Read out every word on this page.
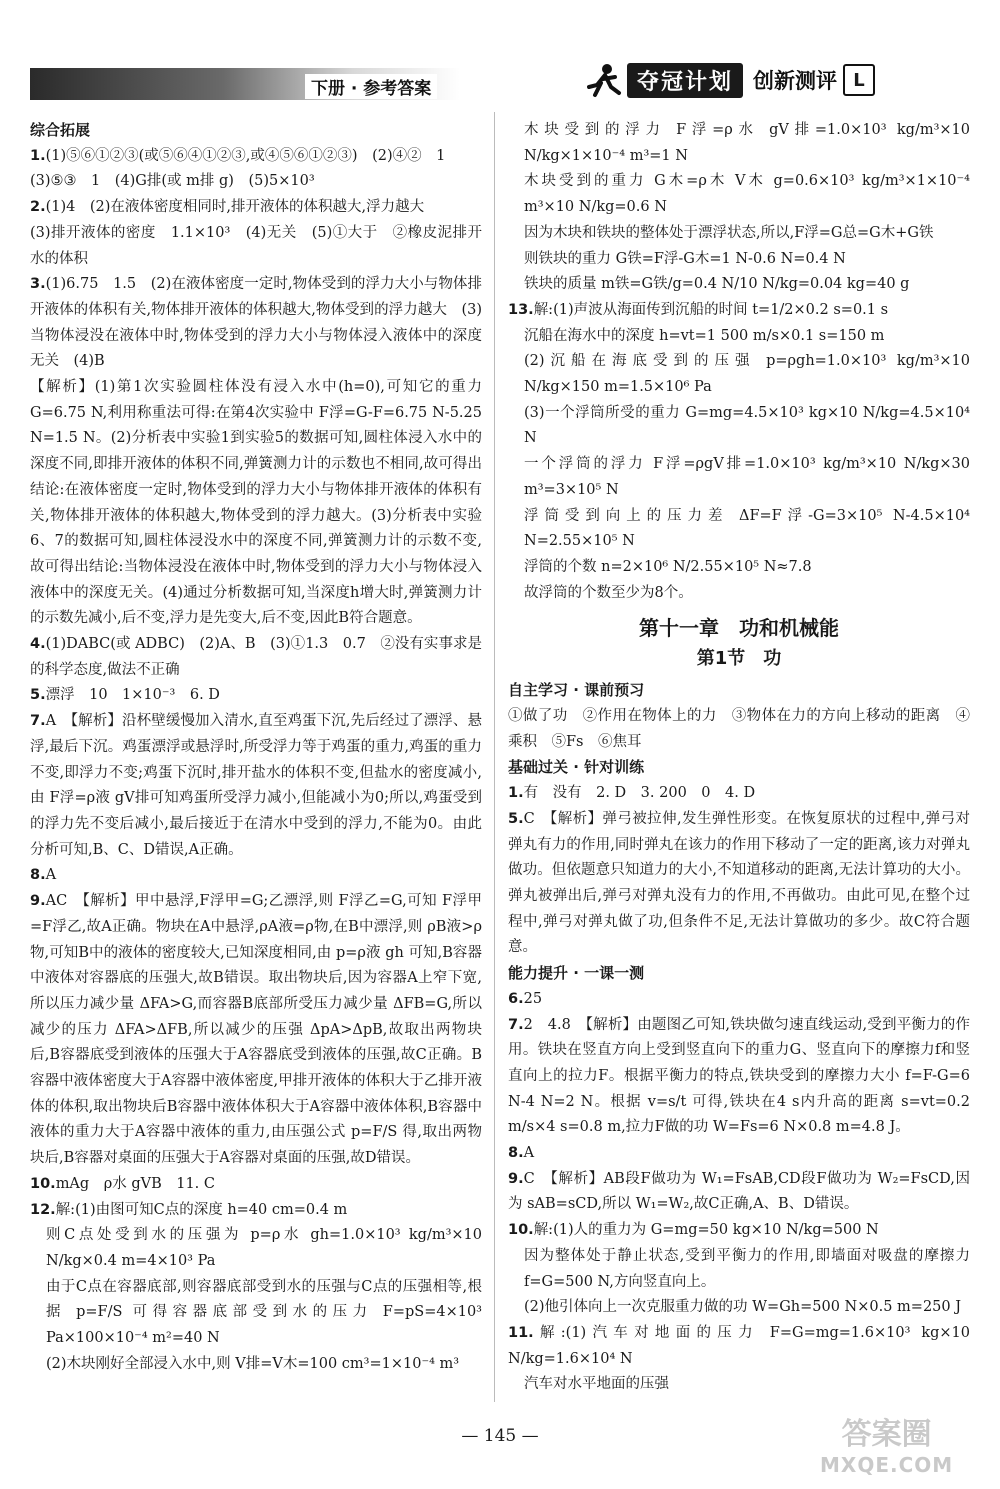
下册 · 参考答案	夺冠计划 创新测评 L

综合拓展

1.(1)⑤⑥①②③(或⑤⑥④①②③,或④⑤⑥①②③)　(2)④②　1

(3)⑤③　1　(4)G排(或 m排 g)　(5)5×10³

2.(1)4　(2)在液体密度相同时,排开液体的体积越大,浮力越大

(3)排开液体的密度　1.1×10³　(4)无关　(5)①大于　②橡皮泥排开水的体积

3.(1)6.75　1.5　(2)在液体密度一定时,物体受到的浮力大小与物体排开液体的体积有关,物体排开液体的体积越大,物体受到的浮力越大　(3)当物体浸没在液体中时,物体受到的浮力大小与物体浸入液体中的深度无关　(4)B

【解析】(1)第1次实验圆柱体没有浸入水中(h=0),可知它的重力 G=6.75 N,利用称重法可得:在第4次实验中 F浮=G-F=6.75 N-5.25 N=1.5 N。(2)分析表中实验1到实验5的数据可知,圆柱体浸入水中的深度不同,即排开液体的体积不同,弹簧测力计的示数也不相同,故可得出结论:在液体密度一定时,物体受到的浮力大小与物体排开液体的体积有关,物体排开液体的体积越大,物体受到的浮力越大。(3)分析表中实验6、7的数据可知,圆柱体浸没水中的深度不同,弹簧测力计的示数不变,故可得出结论:当物体浸没在液体中时,物体受到的浮力大小与物体浸入液体中的深度无关。(4)通过分析数据可知,当深度h增大时,弹簧测力计的示数先减小,后不变,浮力是先变大,后不变,因此B符合题意。

4.(1)DABC(或 ADBC)　(2)A、B　(3)①1.3　0.7　②没有实事求是的科学态度,做法不正确

5.漂浮　10　1×10⁻³　6. D

7.A　【解析】沿杯壁缓慢加入清水,直至鸡蛋下沉,先后经过了漂浮、悬浮,最后下沉。鸡蛋漂浮或悬浮时,所受浮力等于鸡蛋的重力,鸡蛋的重力不变,即浮力不变;鸡蛋下沉时,排开盐水的体积不变,但盐水的密度减小,由 F浮=ρ液 gV排可知鸡蛋所受浮力减小,但能减小为0;所以,鸡蛋受到的浮力先不变后减小,最后接近于在清水中受到的浮力,不能为0。由此分析可知,B、C、D错误,A正确。

8.A

9.AC　【解析】甲中悬浮,F浮甲=G;乙漂浮,则 F浮乙=G,可知 F浮甲=F浮乙,故A正确。物块在A中悬浮,ρA液=ρ物,在B中漂浮,则 ρB液>ρ物,可知B中的液体的密度较大,已知深度相同,由 p=ρ液 gh 可知,B容器中液体对容器底的压强大,故B错误。取出物块后,因为容器A上窄下宽,所以压力减少量 ΔFA>G,而容器B底部所受压力减少量 ΔFB=G,所以减少的压力 ΔFA>ΔFB,所以减少的压强 ΔpA>ΔpB,故取出两物块后,B容器底受到液体的压强大于A容器底受到液体的压强,故C正确。B容器中液体密度大于A容器中液体密度,甲排开液体的体积大于乙排开液体的体积,取出物块后B容器中液体体积大于A容器中液体体积,B容器中液体的重力大于A容器中液体的重力,由压强公式 p=F/S 得,取出两物块后,B容器对桌面的压强大于A容器对桌面的压强,故D错误。

10.mAg　ρ水 gVB　11. C

12.解:(1)由图可知C点的深度 h=40 cm=0.4 m

则C点处受到水的压强为 p=ρ水 gh=1.0×10³ kg/m³×10 N/kg×0.4 m=4×10³ Pa

由于C点在容器底部,则容器底部受到水的压强与C点的压强相等,根据 p=F/S 可得容器底部受到水的压力 F=pS=4×10³ Pa×100×10⁻⁴ m²=40 N

(2)木块刚好全部浸入水中,则 V排=V木=100 cm³=1×10⁻⁴ m³

木块受到的浮力 F浮=ρ水 gV排=1.0×10³ kg/m³×10 N/kg×1×10⁻⁴ m³=1 N

木块受到的重力 G木=ρ木 V木 g=0.6×10³ kg/m³×1×10⁻⁴ m³×10 N/kg=0.6 N

因为木块和铁块的整体处于漂浮状态,所以,F浮=G总=G木+G铁

则铁块的重力 G铁=F浮-G木=1 N-0.6 N=0.4 N

铁块的质量 m铁=G铁/g=0.4 N/10 N/kg=0.04 kg=40 g

13.解:(1)声波从海面传到沉船的时间 t=1/2×0.2 s=0.1 s

沉船在海水中的深度 h=vt=1 500 m/s×0.1 s=150 m

(2)沉船在海底受到的压强 p=ρgh=1.0×10³ kg/m³×10 N/kg×150 m=1.5×10⁶ Pa

(3)一个浮筒所受的重力 G=mg=4.5×10³ kg×10 N/kg=4.5×10⁴ N

一个浮筒的浮力 F浮=ρgV排=1.0×10³ kg/m³×10 N/kg×30 m³=3×10⁵ N

浮筒受到向上的压力差 ΔF=F浮-G=3×10⁵ N-4.5×10⁴ N=2.55×10⁵ N

浮筒的个数 n=2×10⁶ N/2.55×10⁵ N≈7.8

故浮筒的个数至少为8个。

第十一章　功和机械能

第1节　功

自主学习 · 课前预习

①做了功　②作用在物体上的力　③物体在力的方向上移动的距离　④乘积　⑤Fs　⑥焦耳

基础过关 · 针对训练

1.有　没有　2. D　3. 200　0　4. D

5.C　【解析】弹弓被拉伸,发生弹性形变。在恢复原状的过程中,弹弓对弹丸有力的作用,同时弹丸在该力的作用下移动了一定的距离,该力对弹丸做功。但依题意只知道力的大小,不知道移动的距离,无法计算功的大小。弹丸被弹出后,弹弓对弹丸没有力的作用,不再做功。由此可见,在整个过程中,弹弓对弹丸做了功,但条件不足,无法计算做功的多少。故C符合题意。

能力提升 · 一课一测

6.25

7.2　4.8　【解析】由题图乙可知,铁块做匀速直线运动,受到平衡力的作用。铁块在竖直方向上受到竖直向下的重力G、竖直向下的摩擦力f和竖直向上的拉力F。根据平衡力的特点,铁块受到的摩擦力大小 f=F-G=6 N-4 N=2 N。根据 v=s/t 可得,铁块在4 s内升高的距离 s=vt=0.2 m/s×4 s=0.8 m,拉力F做的功 W=Fs=6 N×0.8 m=4.8 J。

8.A

9.C　【解析】AB段F做功为 W₁=FsAB,CD段F做功为 W₂=FsCD,因为 sAB=sCD,所以 W₁=W₂,故C正确,A、B、D错误。

10.解:(1)人的重力为 G=mg=50 kg×10 N/kg=500 N

因为整体处于静止状态,受到平衡力的作用,即墙面对吸盘的摩擦力 f=G=500 N,方向竖直向上。

(2)他引体向上一次克服重力做的功 W=Gh=500 N×0.5 m=250 J

11.解:(1)汽车对地面的压力 F=G=mg=1.6×10³ kg×10 N/kg=1.6×10⁴ N

汽车对水平地面的压强

— 145 —	答案圈
MXQE.COM
